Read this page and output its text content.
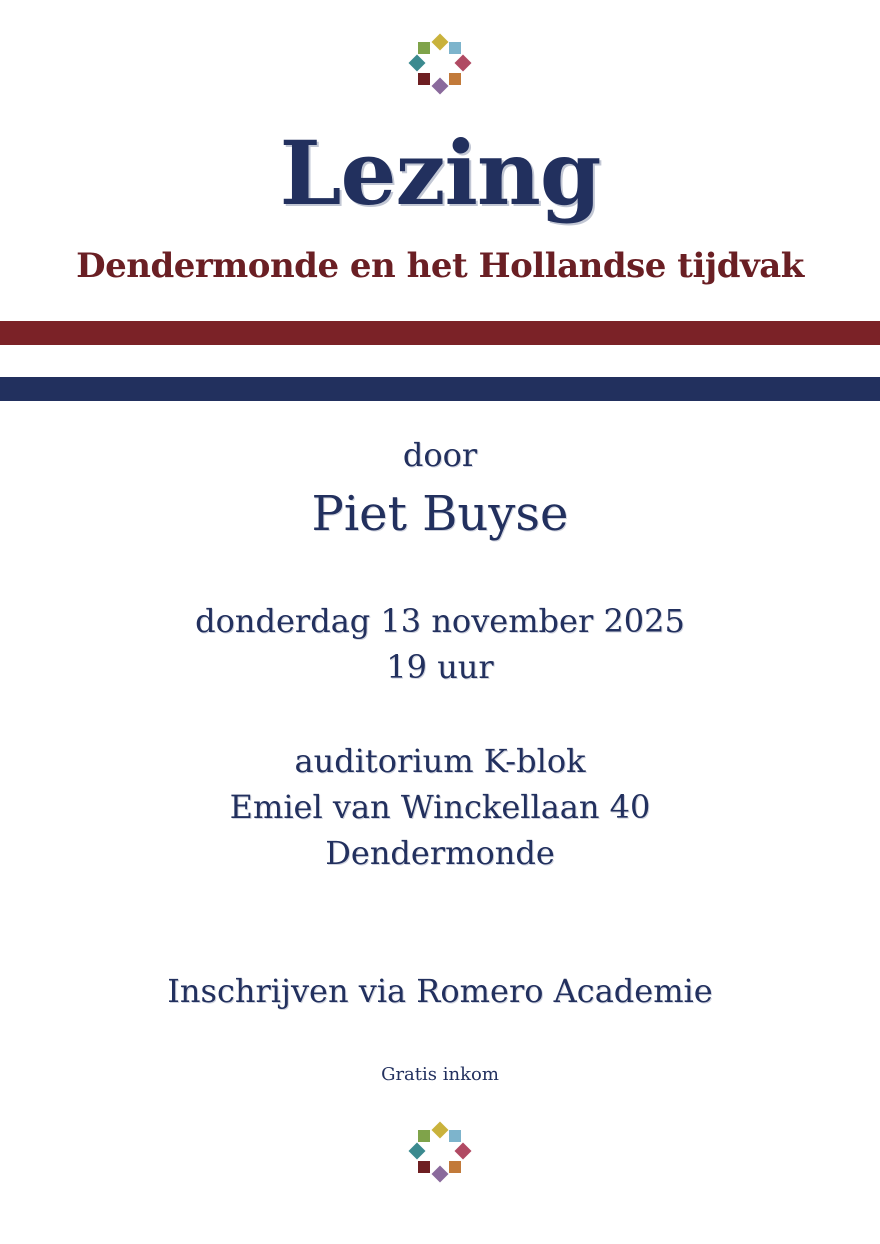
Lezing
Dendermonde en het Hollandse tijdvak
door
Piet Buyse
donderdag 13 november 2025
19 uur
auditorium K-blok
Emiel van Winckellaan 40
Dendermonde
Inschrijven via Romero Academie
Gratis inkom
